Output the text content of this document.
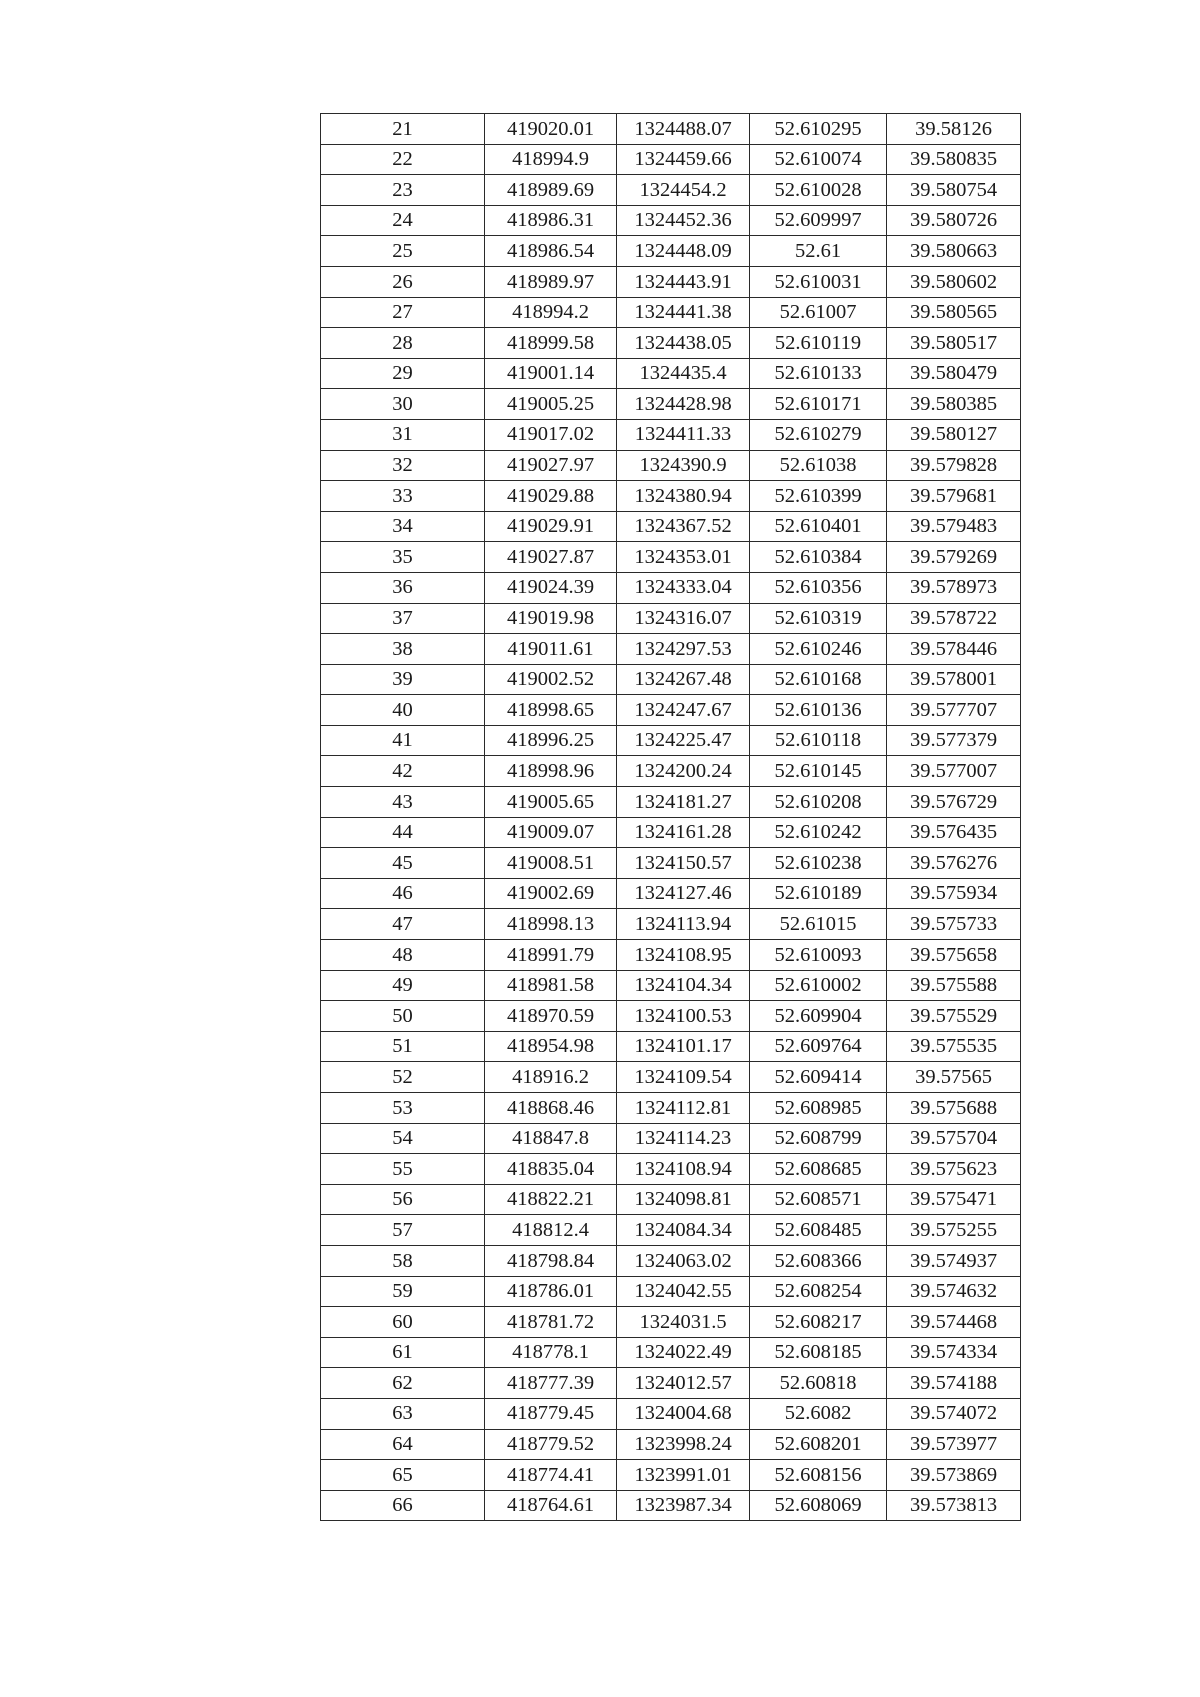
21	419020.01	1324488.07	52.610295	39.58126
22	418994.9	1324459.66	52.610074	39.580835
23	418989.69	1324454.2	52.610028	39.580754
24	418986.31	1324452.36	52.609997	39.580726
25	418986.54	1324448.09	52.61	39.580663
26	418989.97	1324443.91	52.610031	39.580602
27	418994.2	1324441.38	52.61007	39.580565
28	418999.58	1324438.05	52.610119	39.580517
29	419001.14	1324435.4	52.610133	39.580479
30	419005.25	1324428.98	52.610171	39.580385
31	419017.02	1324411.33	52.610279	39.580127
32	419027.97	1324390.9	52.61038	39.579828
33	419029.88	1324380.94	52.610399	39.579681
34	419029.91	1324367.52	52.610401	39.579483
35	419027.87	1324353.01	52.610384	39.579269
36	419024.39	1324333.04	52.610356	39.578973
37	419019.98	1324316.07	52.610319	39.578722
38	419011.61	1324297.53	52.610246	39.578446
39	419002.52	1324267.48	52.610168	39.578001
40	418998.65	1324247.67	52.610136	39.577707
41	418996.25	1324225.47	52.610118	39.577379
42	418998.96	1324200.24	52.610145	39.577007
43	419005.65	1324181.27	52.610208	39.576729
44	419009.07	1324161.28	52.610242	39.576435
45	419008.51	1324150.57	52.610238	39.576276
46	419002.69	1324127.46	52.610189	39.575934
47	418998.13	1324113.94	52.61015	39.575733
48	418991.79	1324108.95	52.610093	39.575658
49	418981.58	1324104.34	52.610002	39.575588
50	418970.59	1324100.53	52.609904	39.575529
51	418954.98	1324101.17	52.609764	39.575535
52	418916.2	1324109.54	52.609414	39.57565
53	418868.46	1324112.81	52.608985	39.575688
54	418847.8	1324114.23	52.608799	39.575704
55	418835.04	1324108.94	52.608685	39.575623
56	418822.21	1324098.81	52.608571	39.575471
57	418812.4	1324084.34	52.608485	39.575255
58	418798.84	1324063.02	52.608366	39.574937
59	418786.01	1324042.55	52.608254	39.574632
60	418781.72	1324031.5	52.608217	39.574468
61	418778.1	1324022.49	52.608185	39.574334
62	418777.39	1324012.57	52.60818	39.574188
63	418779.45	1324004.68	52.6082	39.574072
64	418779.52	1323998.24	52.608201	39.573977
65	418774.41	1323991.01	52.608156	39.573869
66	418764.61	1323987.34	52.608069	39.573813
